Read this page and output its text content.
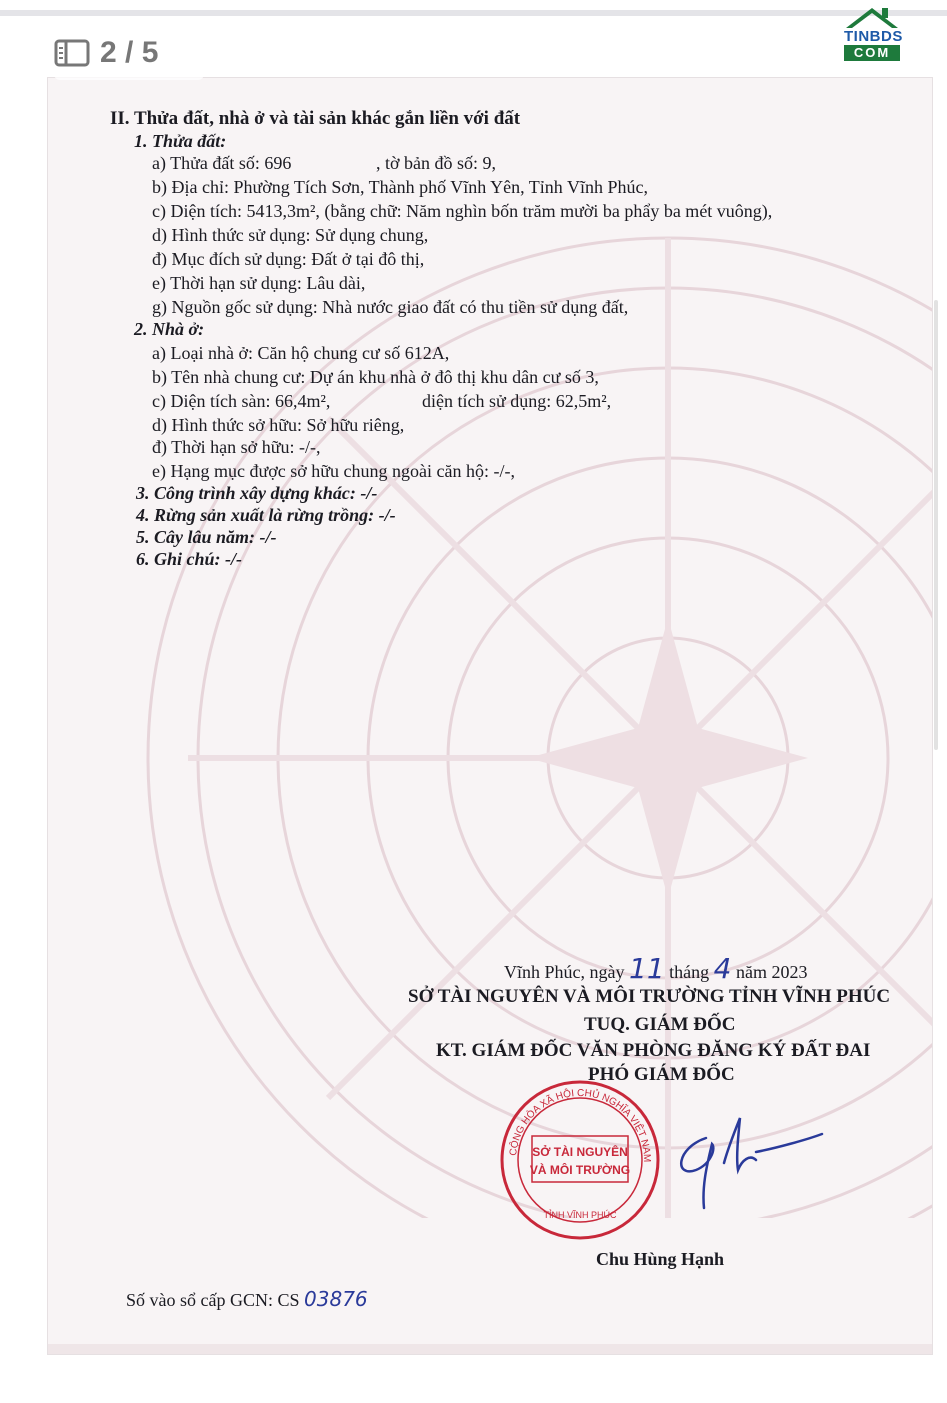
II. Thửa đất, nhà ở và tài sản khác gắn liền với đất
1. Thửa đất:
a) Thửa đất số: 696	, tờ bản đồ số: 9,
b) Địa chỉ: Phường Tích Sơn, Thành phố Vĩnh Yên, Tỉnh Vĩnh Phúc,
c) Diện tích: 5413,3m², (bằng chữ: Năm nghìn bốn trăm mười ba phẩy ba mét vuông),
d) Hình thức sử dụng: Sử dụng chung,
đ) Mục đích sử dụng: Đất ở tại đô thị,
e) Thời hạn sử dụng: Lâu dài,
g) Nguồn gốc sử dụng: Nhà nước giao đất có thu tiền sử dụng đất,
2. Nhà ở:
a) Loại nhà ở: Căn hộ chung cư số 612A,
b) Tên nhà chung cư: Dự án khu nhà ở đô thị khu dân cư số 3,
c) Diện tích sàn: 66,4m²,	diện tích sử dụng: 62,5m²,
d) Hình thức sở hữu: Sở hữu riêng,
đ) Thời hạn sở hữu: -/-,
e) Hạng mục được sở hữu chung ngoài căn hộ: -/-,
3. Công trình xây dựng khác: -/-
4. Rừng sản xuất là rừng trồng: -/-
5. Cây lâu năm: -/-
6. Ghi chú: -/-
Vĩnh Phúc, ngày 11 tháng 4 năm 2023
SỞ TÀI NGUYÊN VÀ MÔI TRƯỜNG TỈNH VĨNH PHÚC
TUQ. GIÁM ĐỐC
KT. GIÁM ĐỐC VĂN PHÒNG ĐĂNG KÝ ĐẤT ĐAI
PHÓ GIÁM ĐỐC
CỘNG HÒA XÃ HỘI CHỦ NGHĨA VIỆT NAM
SỞ TÀI NGUYÊN
VÀ MÔI TRƯỜNG
TỈNH VĨNH PHÚC
Chu Hùng Hạnh
Số vào sổ cấp GCN: CS 03876
2 / 5	TINBDS
COM
